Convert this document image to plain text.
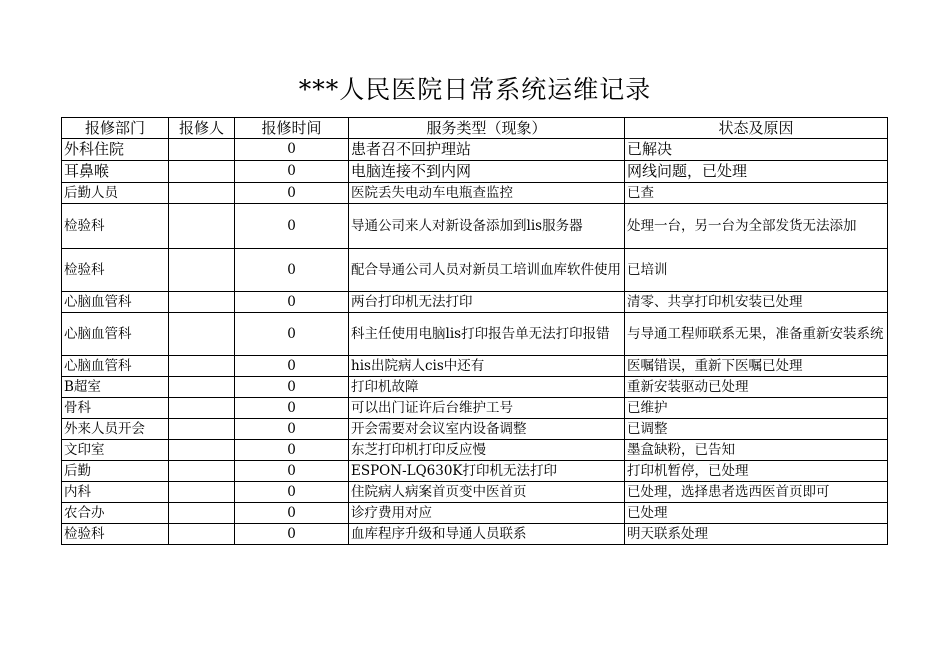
***人民医院日常系统运维记录
报修部门	报修人	报修时间	服务类型（现象）	状态及原因
外科住院		0	患者召不回护理站	已解决
耳鼻喉		0	电脑连接不到内网	网线问题，已处理
后勤人员		0	医院丢失电动车电瓶查监控	已查
检验科		0	导通公司来人对新设备添加到lis服务器	处理一台，另一台为全部发货无法添加
检验科		0	配合导通公司人员对新员工培训血库软件使用	已培训
心脑血管科		0	两台打印机无法打印	清零、共享打印机安装已处理
心脑血管科		0	科主任使用电脑lis打印报告单无法打印报错	与导通工程师联系无果，准备重新安装系统
心脑血管科		0	his出院病人cis中还有	医嘱错误，重新下医嘱已处理
B超室		0	打印机故障	重新安装驱动已处理
骨科		0	可以出门证许后台维护工号	已维护
外来人员开会		0	开会需要对会议室内设备调整	已调整
文印室		0	东芝打印机打印反应慢	墨盒缺粉，已告知
后勤		0	ESPON-LQ630K打印机无法打印	打印机暂停，已处理
内科		0	住院病人病案首页变中医首页	已处理，选择患者选西医首页即可
农合办		0	诊疗费用对应	已处理
检验科		0	血库程序升级和导通人员联系	明天联系处理
